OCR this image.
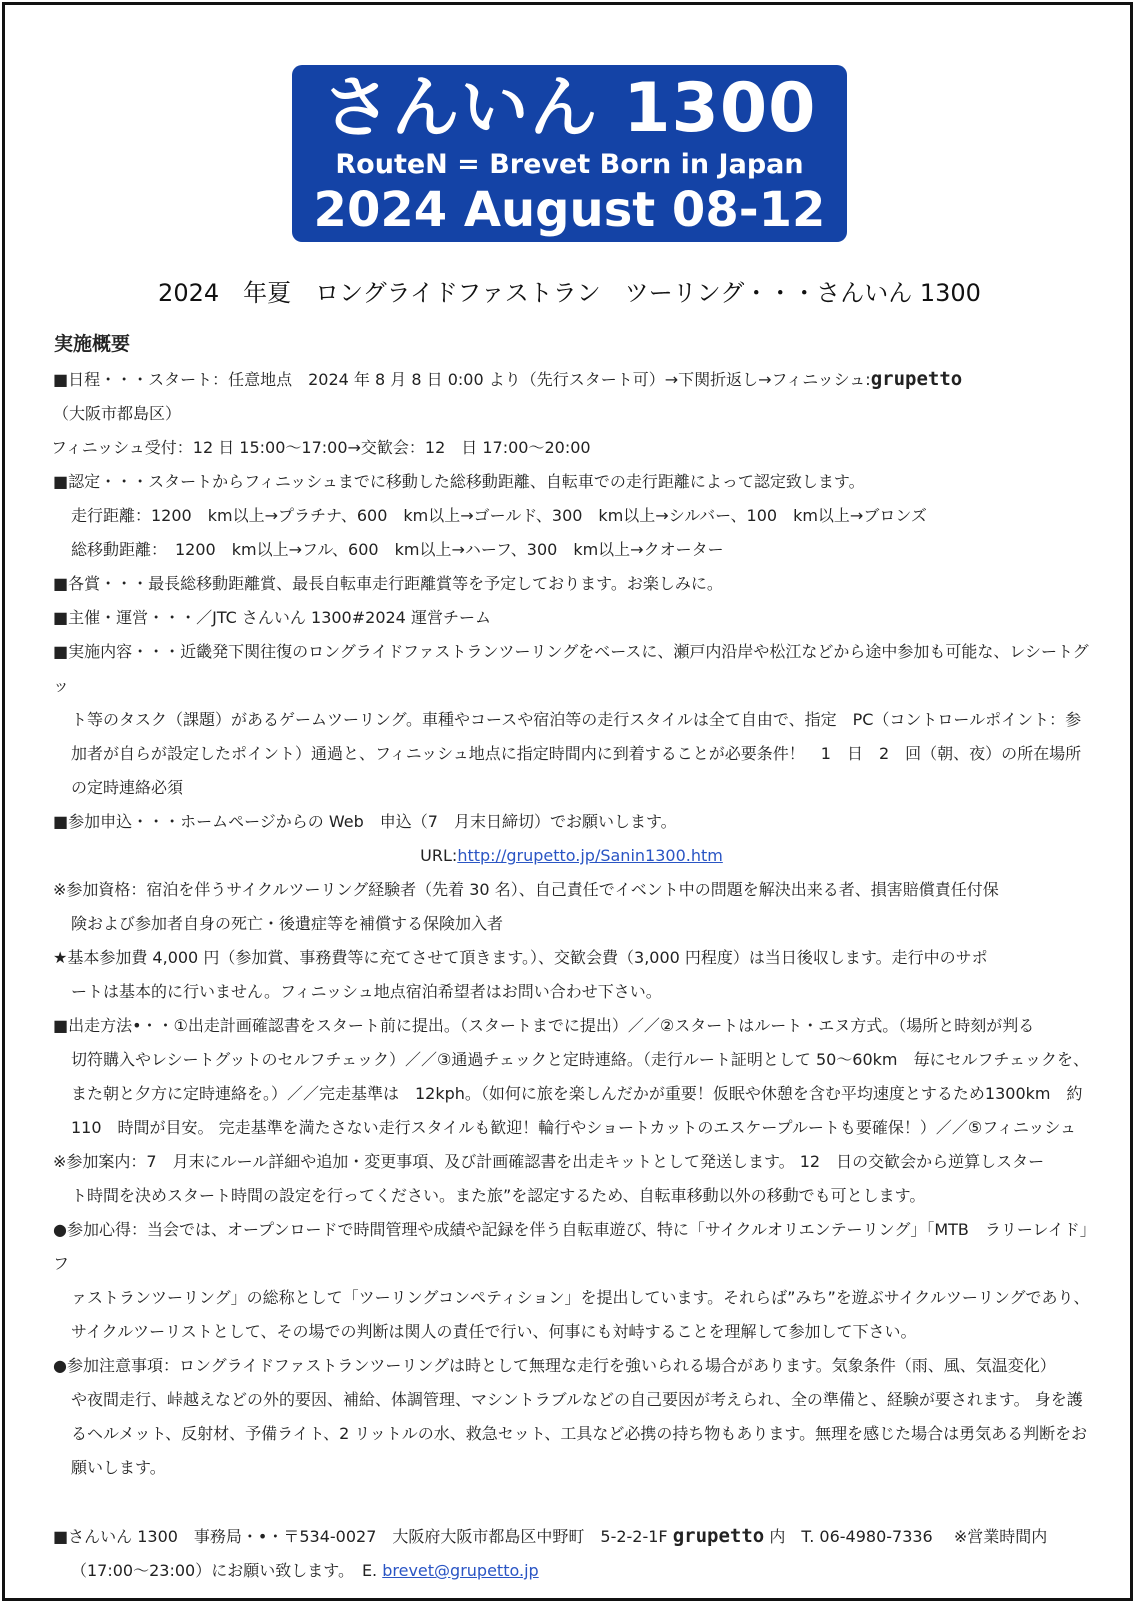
さんいん 1300
RouteN = Brevet Born in Japan
2024 August 08-12
2024　年夏　ロングライドファストラン　ツーリング・・・さんいん 1300
実施概要
■日程・・・スタート：任意地点　2024 年 8 月 8 日 0:00 より（先行スタート可）→下関折返し→フィニッシュ:grupetto（大阪市都島区）
フィニッシュ受付：12 日 15:00～17:00→交歓会：12　日 17:00～20:00
■認定・・・スタートからフィニッシュまでに移動した総移動距離、自転車での走行距離によって認定致します。
走行距離：1200　km以上→プラチナ、600　km以上→ゴールド、300　km以上→シルバー、100　km以上→ブロンズ
総移動距離：　1200　km以上→フル、600　km以上→ハーフ、300　km以上→クオーター
■各賞・・・最長総移動距離賞、最長自転車走行距離賞等を予定しております。お楽しみに。
■主催・運営・・・／JTC さんいん 1300#2024 運営チーム
■実施内容・・・近畿発下関往復のロングライドファストランツーリングをベースに、瀬戸内沿岸や松江などから途中参加も可能な、レシートグッ
ト等のタスク（課題）があるゲームツーリング。車種やコースや宿泊等の走行スタイルは全て自由で、指定　PC（コントロールポイント：参加者が自らが設定したポイント）通過と、フィニッシュ地点に指定時間内に到着することが必要条件！　1　日　2　回（朝、夜）の所在場所の定時連絡必須
■参加申込・・・ホームページからの Web　申込（7　月末日締切）でお願いします。
URL:http://grupetto.jp/Sanin1300.htm
※参加資格：宿泊を伴うサイクルツーリング経験者（先着 30 名）、自己責任でイベント中の問題を解決出来る者、損害賠償責任付保
険および参加者自身の死亡・後遺症等を補償する保険加入者
★基本参加費 4,000 円（参加賞、事務費等に充てさせて頂きます。）、交歓会費（3,000 円程度）は当日後収します。走行中のサポ
ートは基本的に行いません。フィニッシュ地点宿泊希望者はお問い合わせ下さい。
■出走方法•・・①出走計画確認書をスタート前に提出。（スタートまでに提出）／／②スタートはルート・エヌ方式。（場所と時刻が判る
切符購入やレシートグットのセルフチェック）／／③通過チェックと定時連絡。（走行ルート証明として 50～60km　毎にセルフチェックを、また朝と夕方に定時連絡を。）／／完走基準は　12kph。（如何に旅を楽しんだかが重要！仮眠や休憩を含む平均速度とするため1300km　約 110　時間が目安。 完走基準を満たさない走行スタイルも歓迎！輪行やショートカットのエスケープルートも要確保！）／／⑤フィニッシュ
※参加案内：7　月末にルール詳細や追加・変更事項、及び計画確認書を出走キットとして発送します。 12　日の交歓会から逆算しスター
ト時間を決めスタート時間の設定を行ってください。また旅”を認定するため、自転車移動以外の移動でも可とします。
●参加心得：当会では、オープンロードで時間管理や成績や記録を伴う自転車遊び、特に「サイクルオリエンテーリング」「MTB　ラリーレイド」フ
ァストランツーリング」の総称として「ツーリングコンペティション」を提出しています。それらば”みち”を遊ぶサイクルツーリングであり、サイクルツーリストとして、その場での判断は関人の責任で行い、何事にも対峙することを理解して参加して下さい。
●参加注意事項：ロングライドファストランツーリングは時として無理な走行を強いられる場合があります。気象条件（雨、風、気温変化）
や夜間走行、峠越えなどの外的要因、補給、体調管理、マシントラブルなどの自己要因が考えられ、全の準備と、経験が要されます。 身を護るヘルメット、反射材、予備ライト、2 リットルの水、救急セット、工具など必携の持ち物もあります。無理を感じた場合は勇気ある判断をお願いします。
■さんいん 1300　事務局・•・〒534-0027　大阪府大阪市都島区中野町　5-2-2‐1F grupetto 内　T. 06-4980-7336　 ※営業時間内
（17:00～23:00）にお願い致します。　E. brevet@grupetto.jp
